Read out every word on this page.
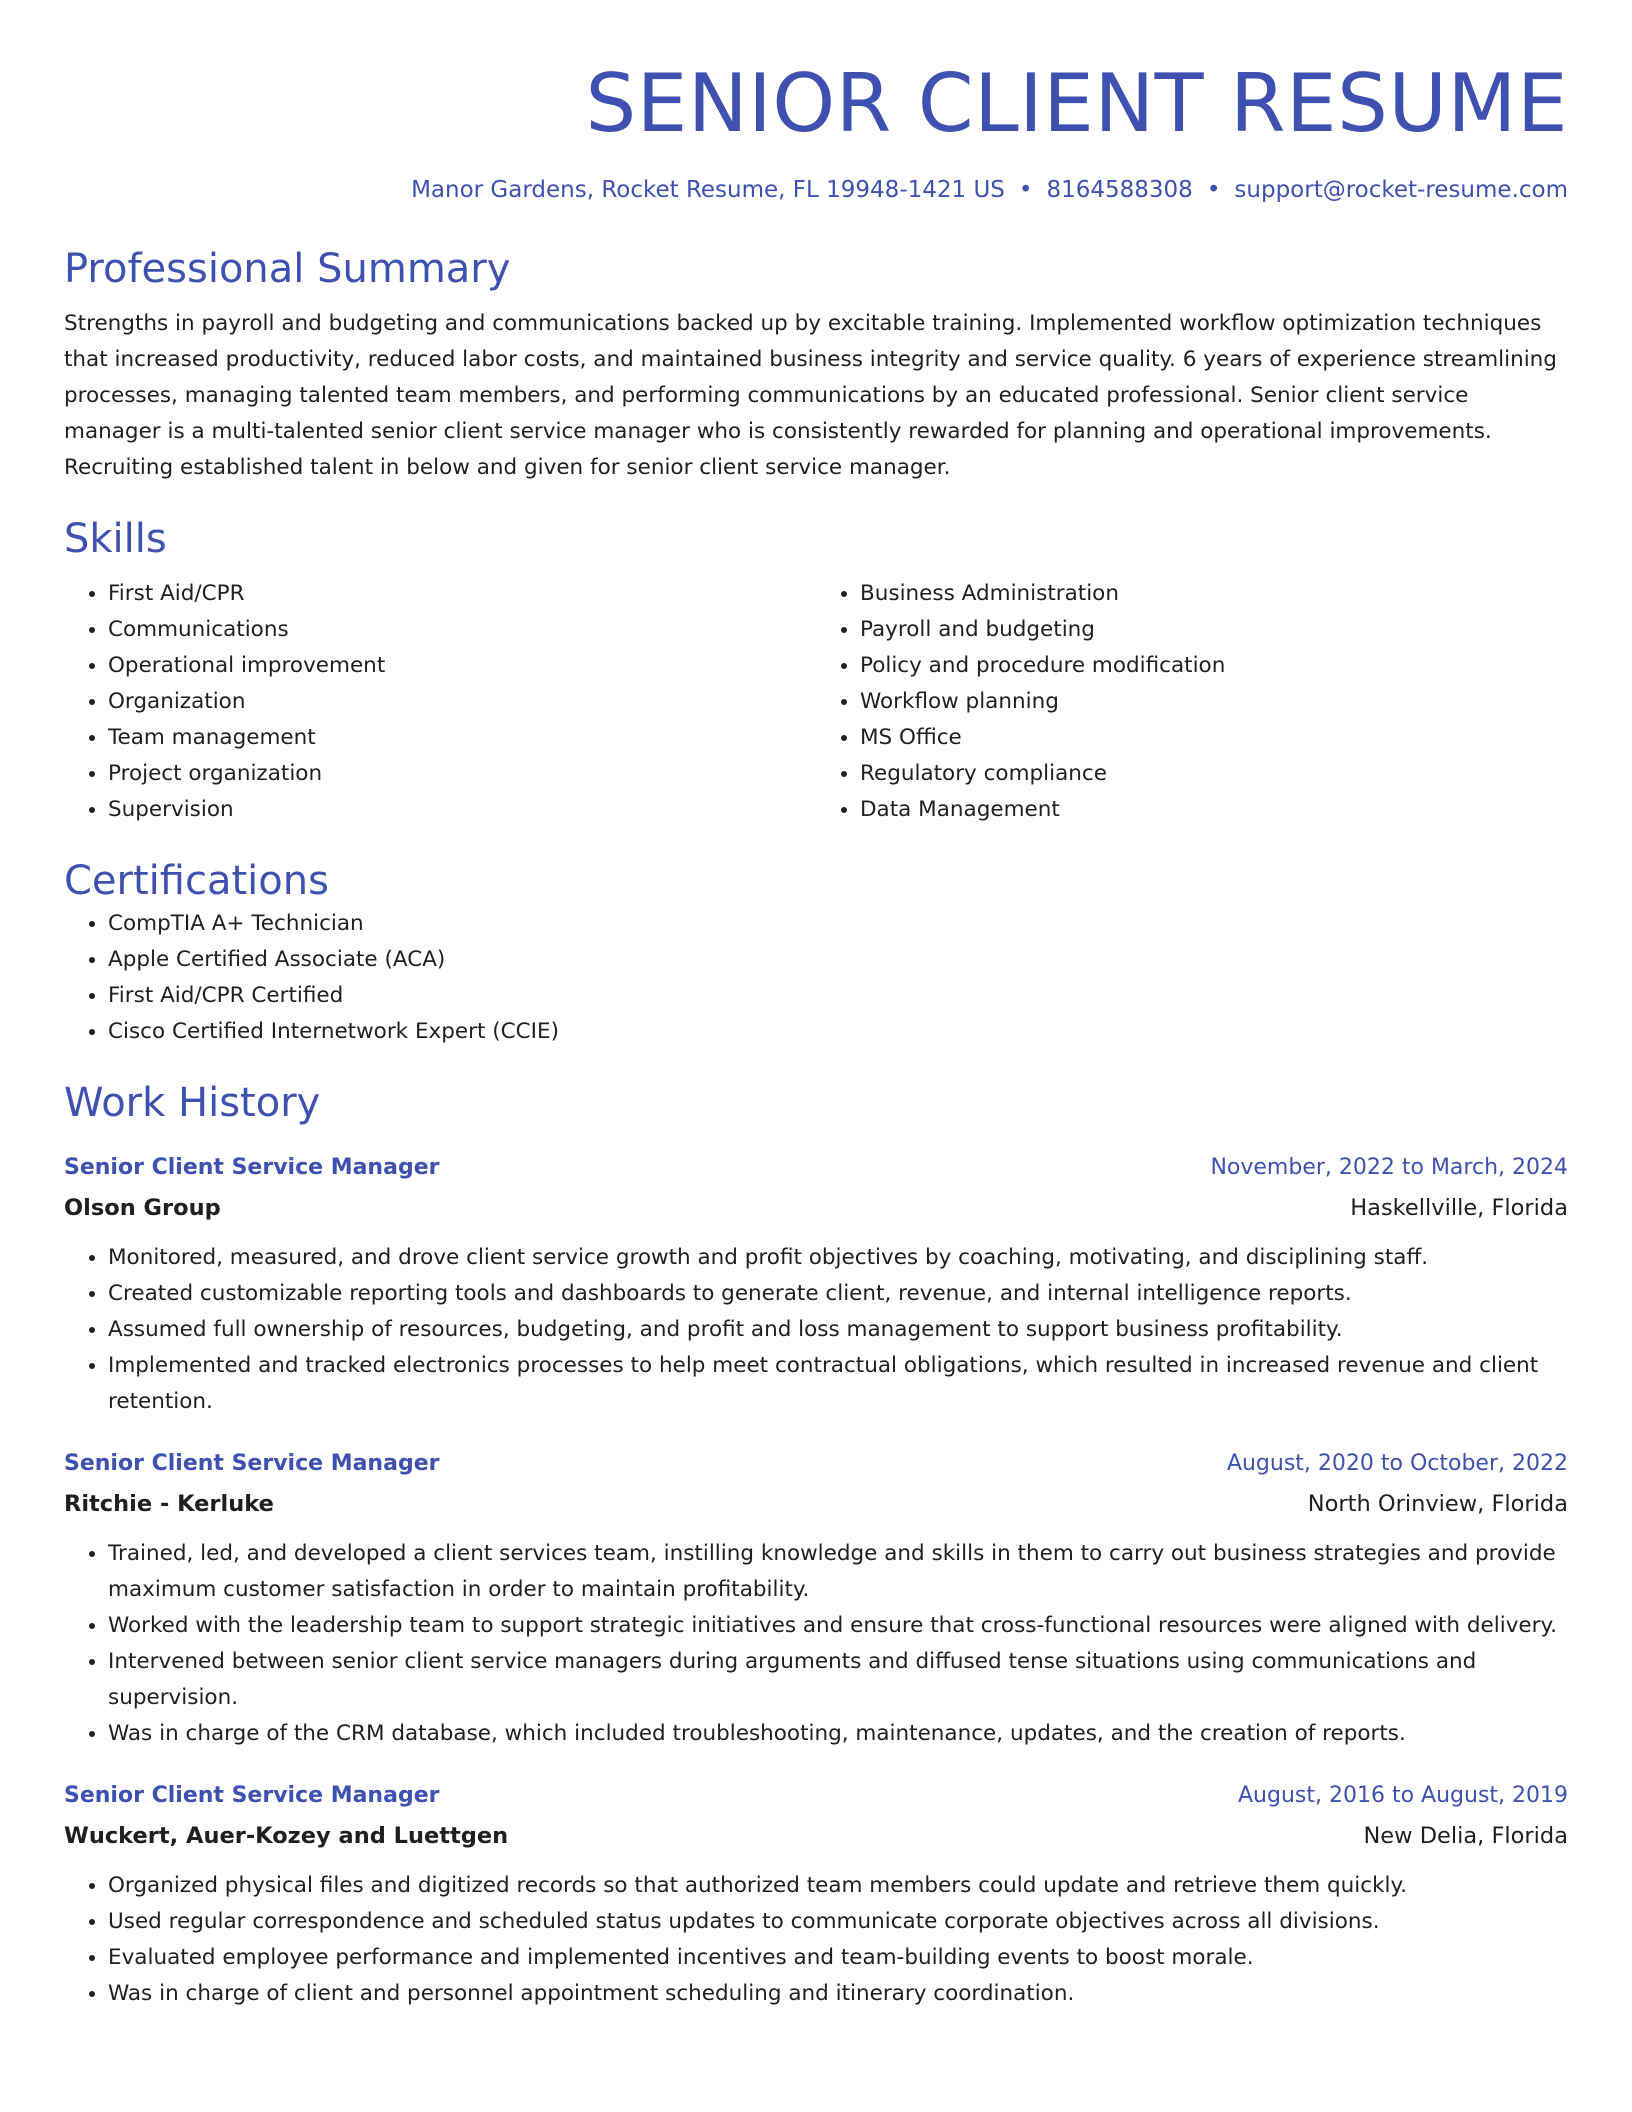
SENIOR CLIENT RESUME
Manor Gardens, Rocket Resume, FL 19948-1421 US • 8164588308 • support@rocket-resume.com
Professional Summary
Strengths in payroll and budgeting and communications backed up by excitable training. Implemented workflow optimization techniques that increased productivity, reduced labor costs, and maintained business integrity and service quality. 6 years of experience streamlining processes, managing talented team members, and performing communications by an educated professional. Senior client service manager is a multi-talented senior client service manager who is consistently rewarded for planning and operational improvements. Recruiting established talent in below and given for senior client service manager.
Skills
• First Aid/CPR
• Communications
• Operational improvement
• Organization
• Team management
• Project organization
• Supervision
• Business Administration
• Payroll and budgeting
• Policy and procedure modification
• Workflow planning
• MS Office
• Regulatory compliance
• Data Management
Certifications
• CompTIA A+ Technician
• Apple Certified Associate (ACA)
• First Aid/CPR Certified
• Cisco Certified Internetwork Expert (CCIE)
Work History
Senior Client Service Manager	November, 2022 to March, 2024
Olson Group	Haskellville, Florida
• Monitored, measured, and drove client service growth and profit objectives by coaching, motivating, and disciplining staff.
• Created customizable reporting tools and dashboards to generate client, revenue, and internal intelligence reports.
• Assumed full ownership of resources, budgeting, and profit and loss management to support business profitability.
• Implemented and tracked electronics processes to help meet contractual obligations, which resulted in increased revenue and client retention.
Senior Client Service Manager	August, 2020 to October, 2022
Ritchie - Kerluke	North Orinview, Florida
• Trained, led, and developed a client services team, instilling knowledge and skills in them to carry out business strategies and provide maximum customer satisfaction in order to maintain profitability.
• Worked with the leadership team to support strategic initiatives and ensure that cross-functional resources were aligned with delivery.
• Intervened between senior client service managers during arguments and diffused tense situations using communications and supervision.
• Was in charge of the CRM database, which included troubleshooting, maintenance, updates, and the creation of reports.
Senior Client Service Manager	August, 2016 to August, 2019
Wuckert, Auer-Kozey and Luettgen	New Delia, Florida
• Organized physical files and digitized records so that authorized team members could update and retrieve them quickly.
• Used regular correspondence and scheduled status updates to communicate corporate objectives across all divisions.
• Evaluated employee performance and implemented incentives and team-building events to boost morale.
• Was in charge of client and personnel appointment scheduling and itinerary coordination.
